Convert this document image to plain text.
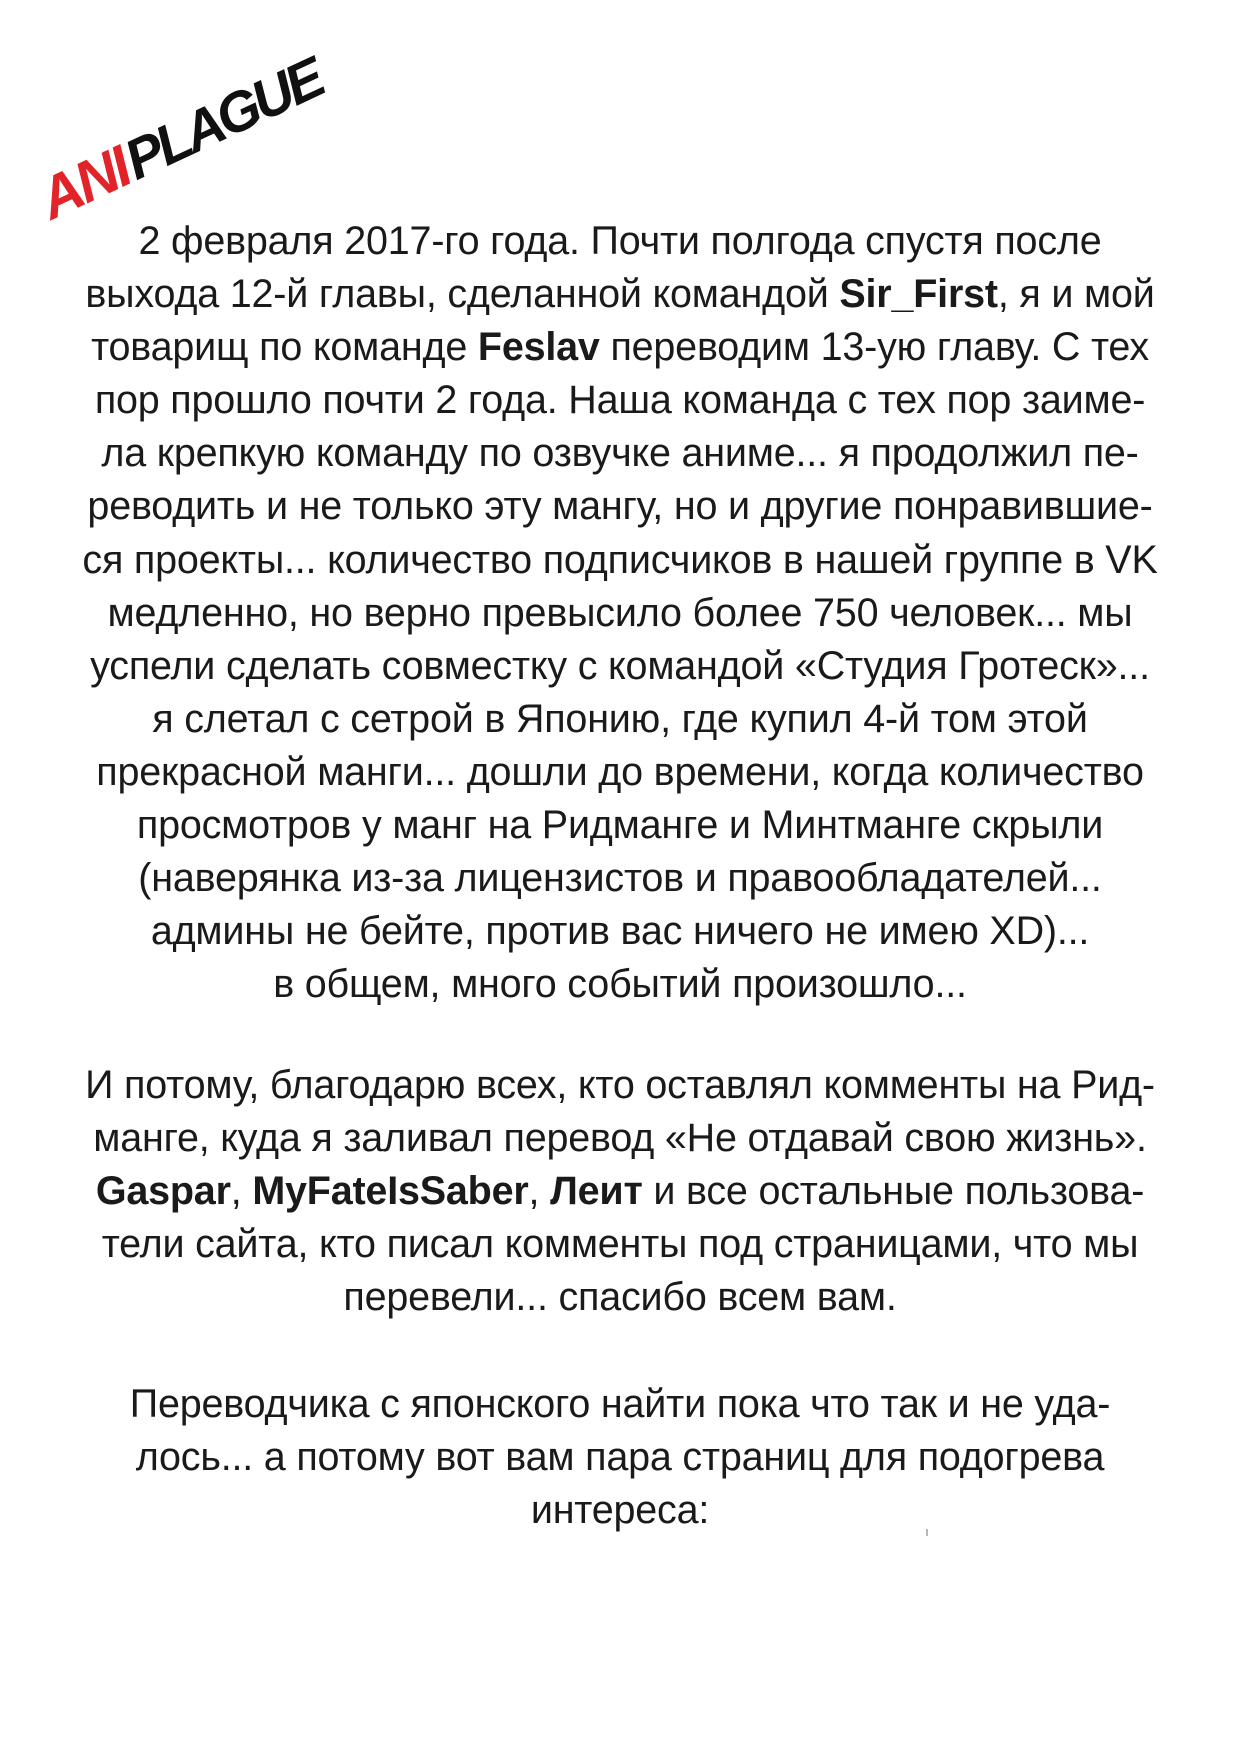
ANI
PLAGUE
2 февраля 2017-го года. Почти полгода спустя после
выхода 12-й главы, сделанной командой Sir_First, я и мой
товарищ по команде Feslav переводим 13-ую главу. С тех
пор прошло почти 2 года. Наша команда с тех пор заиме-
ла крепкую команду по озвучке аниме... я продолжил пе-
реводить и не только эту мангу, но и другие понравившие-
ся проекты... количество подписчиков в нашей группе в VK
медленно, но верно превысило более 750 человек... мы
успели сделать совместку с командой «Студия Гротеск»...
я слетал с сетрой в Японию, где купил 4-й том этой
прекрасной манги... дошли до времени, когда количество
просмотров у манг на Ридманге и Минтманге скрыли
(наверянка из-за лицензистов и правообладателей...
админы не бейте, против вас ничего не имею XD)...
в общем, много событий произошло...
И потому, благодарю всех, кто оставлял комменты на Рид-
манге, куда я заливал перевод «Не отдавай свою жизнь».
Gaspar, MyFateIsSaber, Леит и все остальные пользова-
тели сайта, кто писал комменты под страницами, что мы
перевели... спасибо всем вам.
Переводчика с японского найти пока что так и не уда-
лось... а потому вот вам пара страниц для подогрева
интереса:
